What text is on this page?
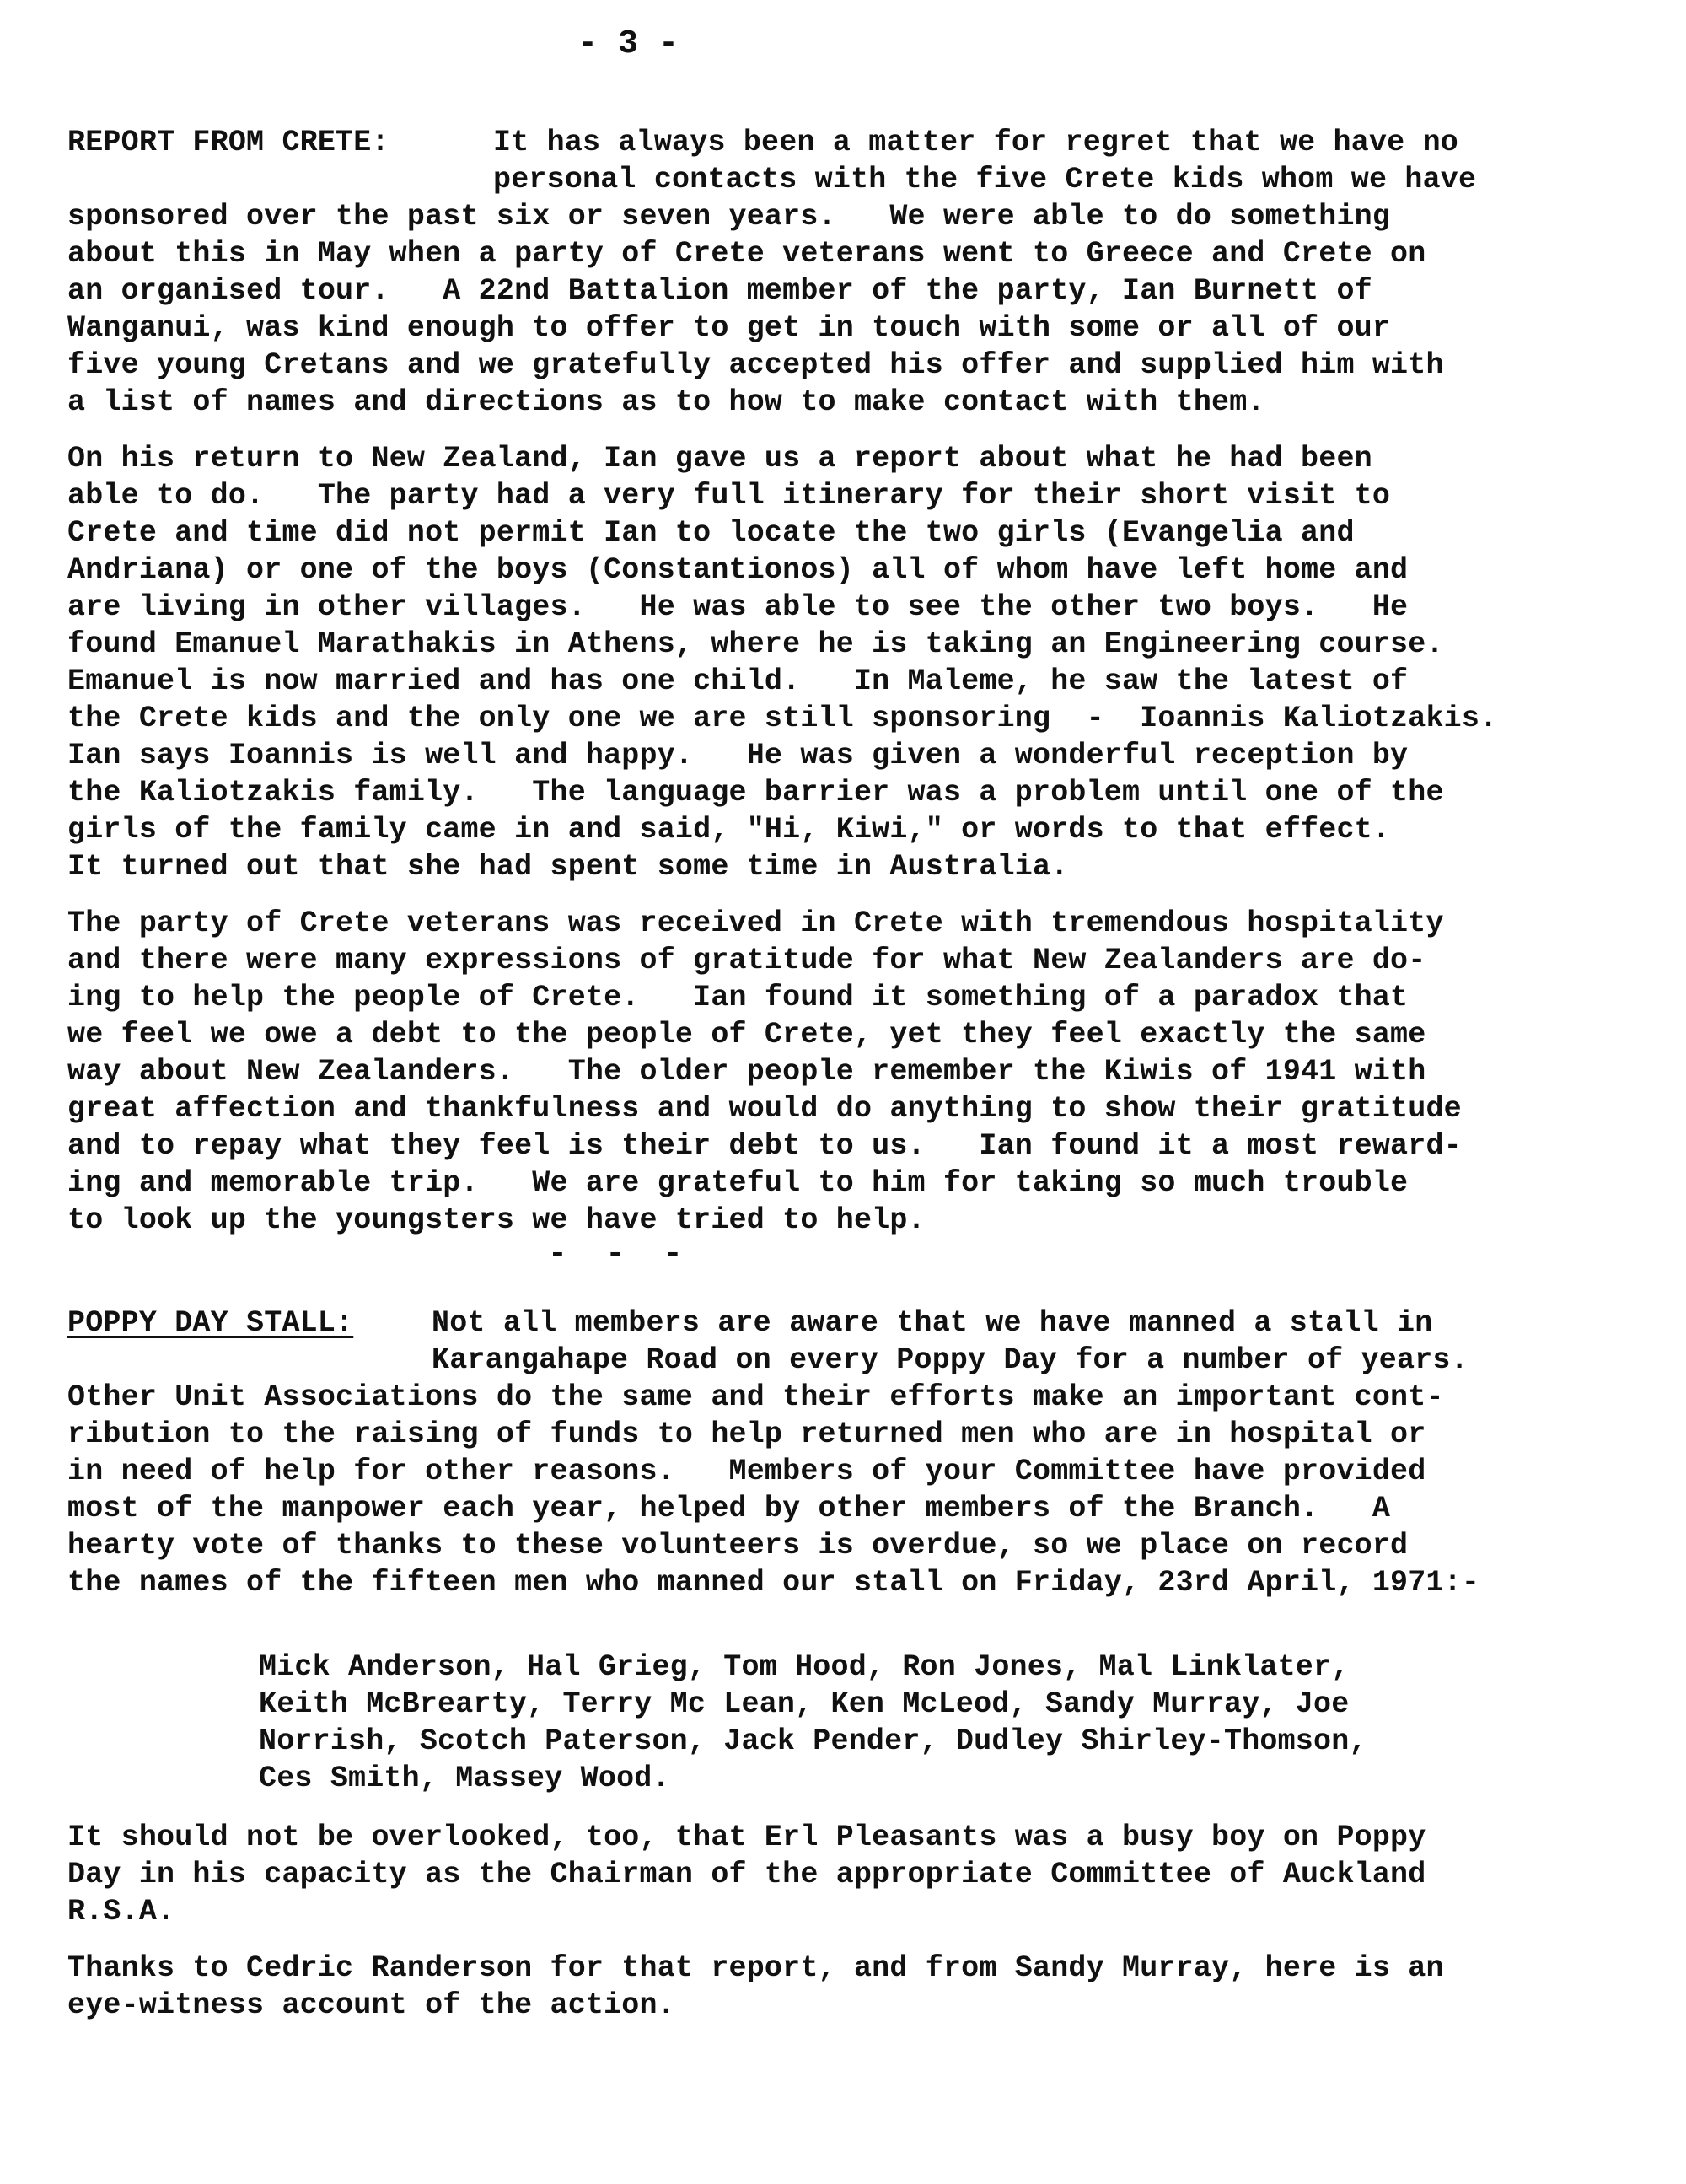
- 3 -
REPORT FROM CRETE:	It has always been a matter for regret that we have no
personal contacts with the five Crete kids whom we have
sponsored over the past six or seven years.   We were able to do something
about this in May when a party of Crete veterans went to Greece and Crete on
an organised tour.   A 22nd Battalion member of the party, Ian Burnett of
Wanganui, was kind enough to offer to get in touch with some or all of our
five young Cretans and we gratefully accepted his offer and supplied him with
a list of names and directions as to how to make contact with them.
On his return to New Zealand, Ian gave us a report about what he had been
able to do.   The party had a very full itinerary for their short visit to
Crete and time did not permit Ian to locate the two girls (Evangelia and
Andriana) or one of the boys (Constantionos) all of whom have left home and
are living in other villages.   He was able to see the other two boys.   He
found Emanuel Marathakis in Athens, where he is taking an Engineering course.
Emanuel is now married and has one child.   In Maleme, he saw the latest of
the Crete kids and the only one we are still sponsoring  -  Ioannis Kaliotzakis.
Ian says Ioannis is well and happy.   He was given a wonderful reception by
the Kaliotzakis family.   The language barrier was a problem until one of the
girls of the family came in and said, "Hi, Kiwi," or words to that effect.
It turned out that she had spent some time in Australia.
The party of Crete veterans was received in Crete with tremendous hospitality
and there were many expressions of gratitude for what New Zealanders are do-
ing to help the people of Crete.   Ian found it something of a paradox that
we feel we owe a debt to the people of Crete, yet they feel exactly the same
way about New Zealanders.   The older people remember the Kiwis of 1941 with
great affection and thankfulness and would do anything to show their gratitude
and to repay what they feel is their debt to us.   Ian found it a most reward-
ing and memorable trip.   We are grateful to him for taking so much trouble
to look up the youngsters we have tried to help.
-  -  -
POPPY DAY STALL:	Not all members are aware that we have manned a stall in
Karangahape Road on every Poppy Day for a number of years.
Other Unit Associations do the same and their efforts make an important cont-
ribution to the raising of funds to help returned men who are in hospital or
in need of help for other reasons.   Members of your Committee have provided
most of the manpower each year, helped by other members of the Branch.   A
hearty vote of thanks to these volunteers is overdue, so we place on record
the names of the fifteen men who manned our stall on Friday, 23rd April, 1971:-
Mick Anderson, Hal Grieg, Tom Hood, Ron Jones, Mal Linklater,
Keith McBrearty, Terry Mc Lean, Ken McLeod, Sandy Murray, Joe
Norrish, Scotch Paterson, Jack Pender, Dudley Shirley-Thomson,
Ces Smith, Massey Wood.
It should not be overlooked, too, that Erl Pleasants was a busy boy on Poppy
Day in his capacity as the Chairman of the appropriate Committee of Auckland
R.S.A.
Thanks to Cedric Randerson for that report, and from Sandy Murray, here is an
eye-witness account of the action.
